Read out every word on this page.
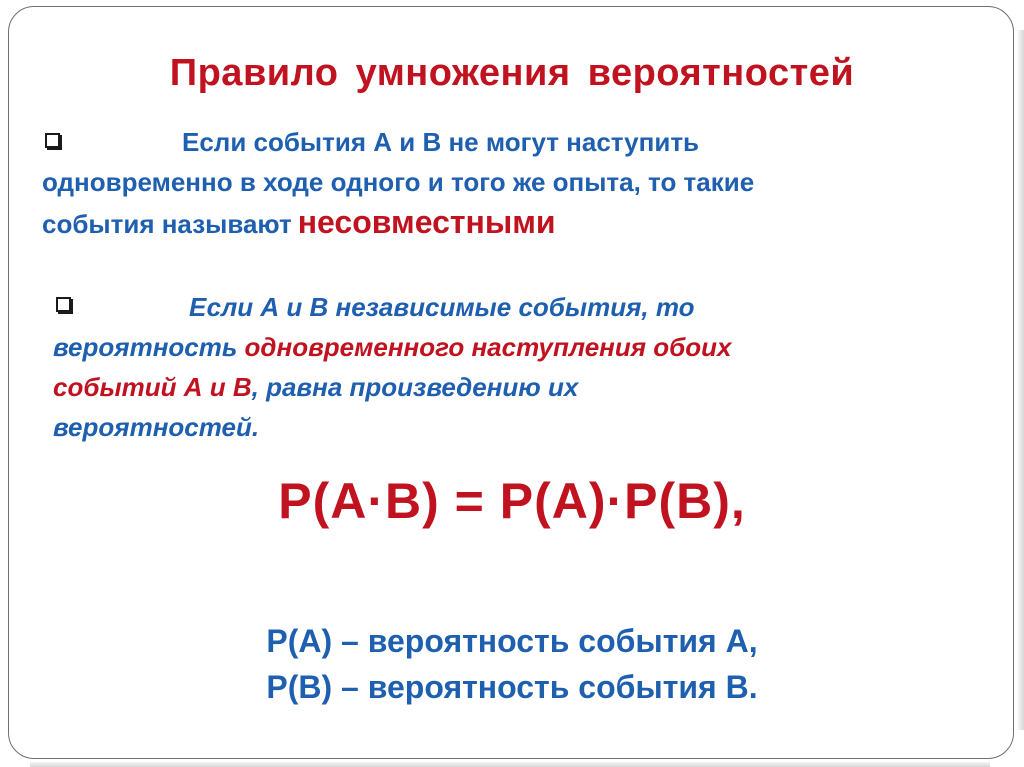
Правило умножения вероятностей
Если события А и В не могут наступить
одновременно в ходе одного и того же опыта, то такие
события называют несовместными
Если А и В независимые события, то
вероятность одновременного наступления обоих
событий А и В, равна произведению их
вероятностей.
Р(А·В) = Р(А)·Р(В),
Р(А) – вероятность события А,
Р(В) – вероятность события В.
